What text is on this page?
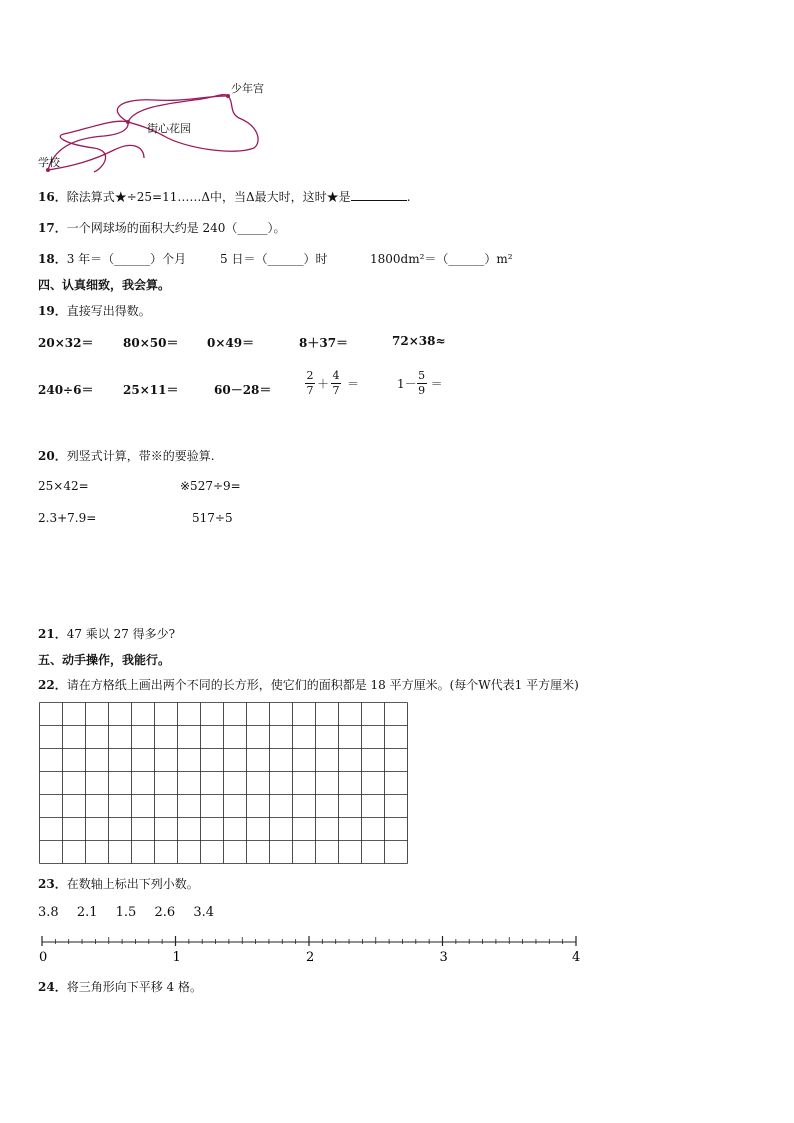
少年宫
街心花园
学校
16．除法算式★÷25=11……Δ中，当Δ最大时，这时★是	.
17．一个网球场的面积大约是 240（_____）。
18．3 年＝（______）个月	5 日＝（______）时	1800dm²＝（______）m²
四、认真细致，我会算。
19．直接写出得数。
20×32＝ 80×50＝ 0×49＝	8＋37＝	72×38≈
240÷6＝ 25×11＝	60－28＝	$\frac{2}{7} + \frac{4}{7}$ ＝	$1- \frac{5}{9}$ ＝
20．列竖式计算，带※的要验算.
25×42=	※527÷9=
2.3+7.9=	517÷5
21．47 乘以 27 得多少?
五、动手操作，我能行。
22．请在方格纸上画出两个不同的长方形，使它们的面积都是 18 平方厘米。(每个W代表1 平方厘米)
23．在数轴上标出下列小数。
3.8 2.1 1.5 2.6 3.4
0	1	2	3	4
24．将三角形向下平移 4 格。
